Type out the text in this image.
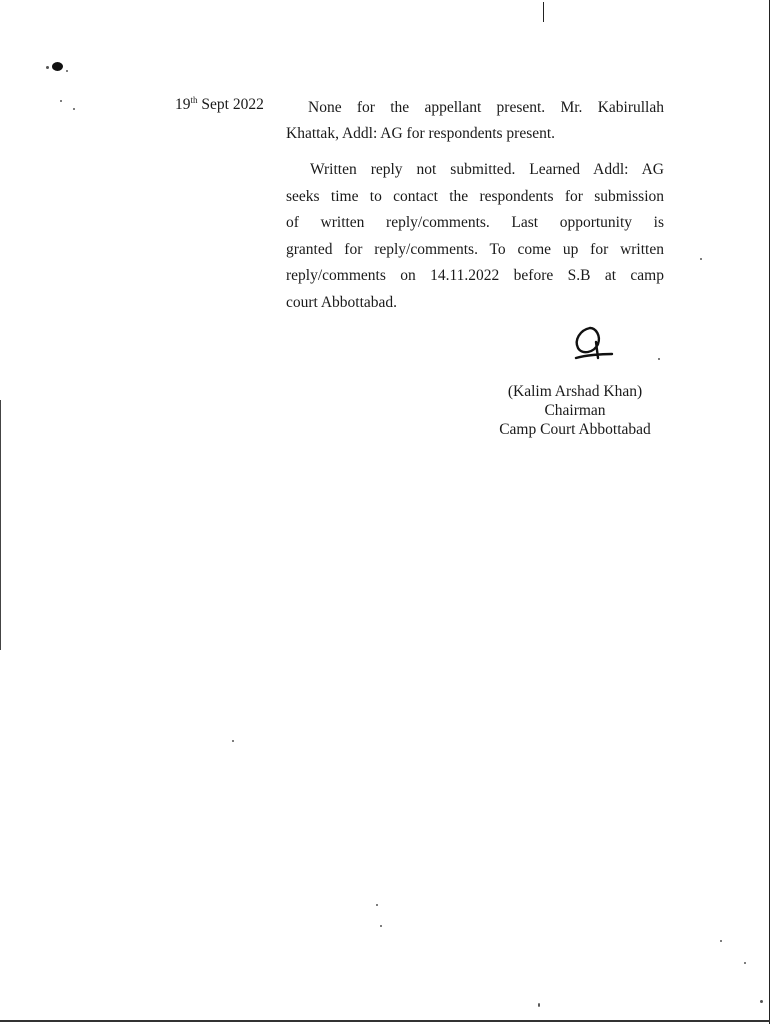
19th Sept 2022	None for the appellant present. Mr. Kabirullah
Khattak, Addl: AG for respondents present.
Written reply not submitted. Learned Addl: AG
seeks time to contact the respondents for submission
of written reply/comments. Last opportunity is
granted for reply/comments. To come up for written
reply/comments on 14.11.2022 before S.B at camp
court Abbottabad.
(Kalim Arshad Khan)
Chairman
Camp Court Abbottabad
